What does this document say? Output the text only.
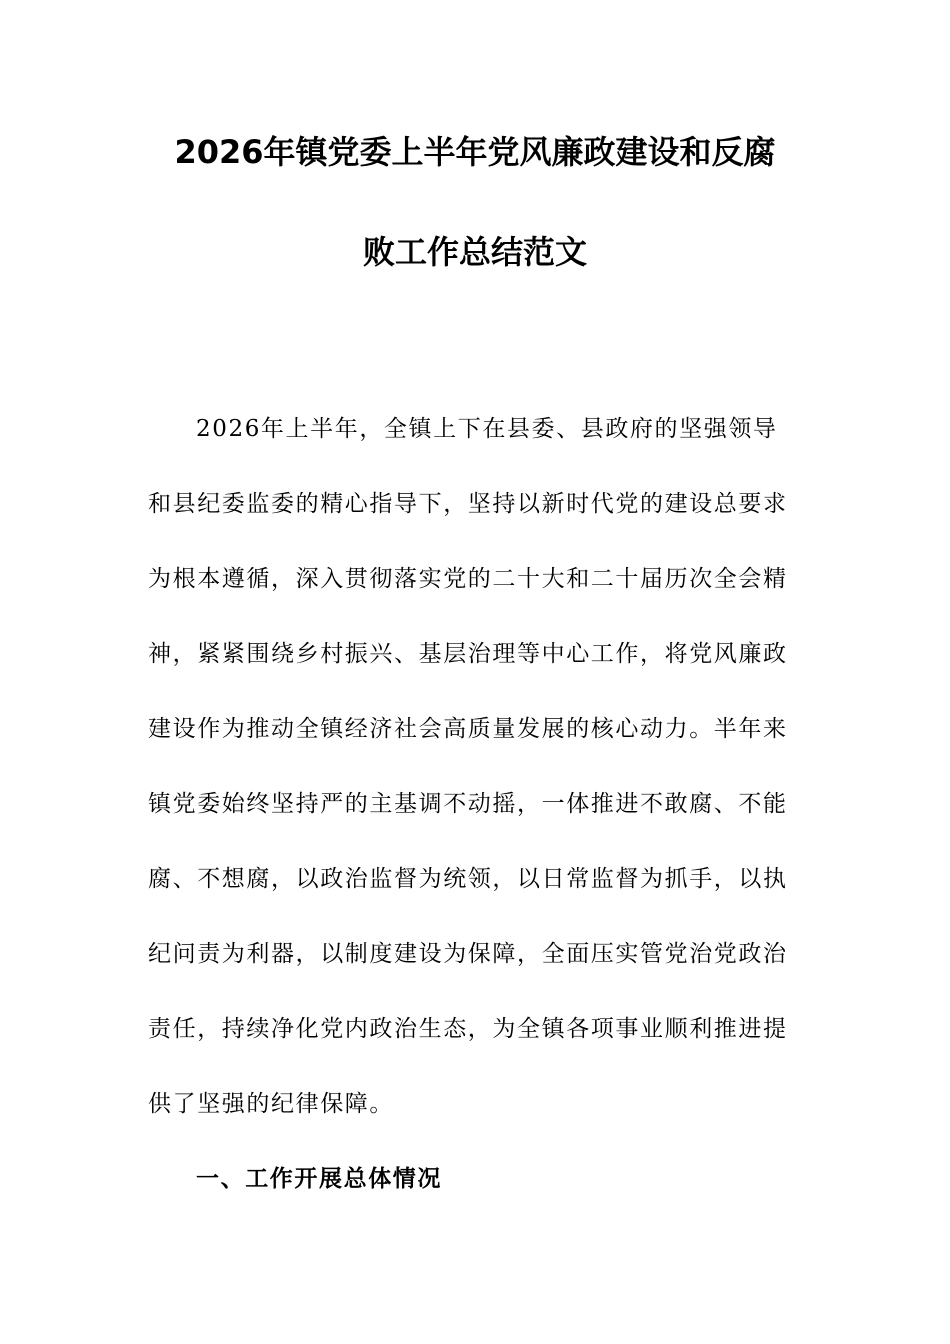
2026年镇党委上半年党风廉政建设和反腐
败工作总结范文
2026年上半年，全镇上下在县委、县政府的坚强领导
和县纪委监委的精心指导下，坚持以新时代党的建设总要求
为根本遵循，深入贯彻落实党的二十大和二十届历次全会精
神，紧紧围绕乡村振兴、基层治理等中心工作，将党风廉政
建设作为推动全镇经济社会高质量发展的核心动力。半年来
镇党委始终坚持严的主基调不动摇，一体推进不敢腐、不能
腐、不想腐，以政治监督为统领，以日常监督为抓手，以执
纪问责为利器，以制度建设为保障，全面压实管党治党政治
责任，持续净化党内政治生态，为全镇各项事业顺利推进提
供了坚强的纪律保障。
一、工作开展总体情况
